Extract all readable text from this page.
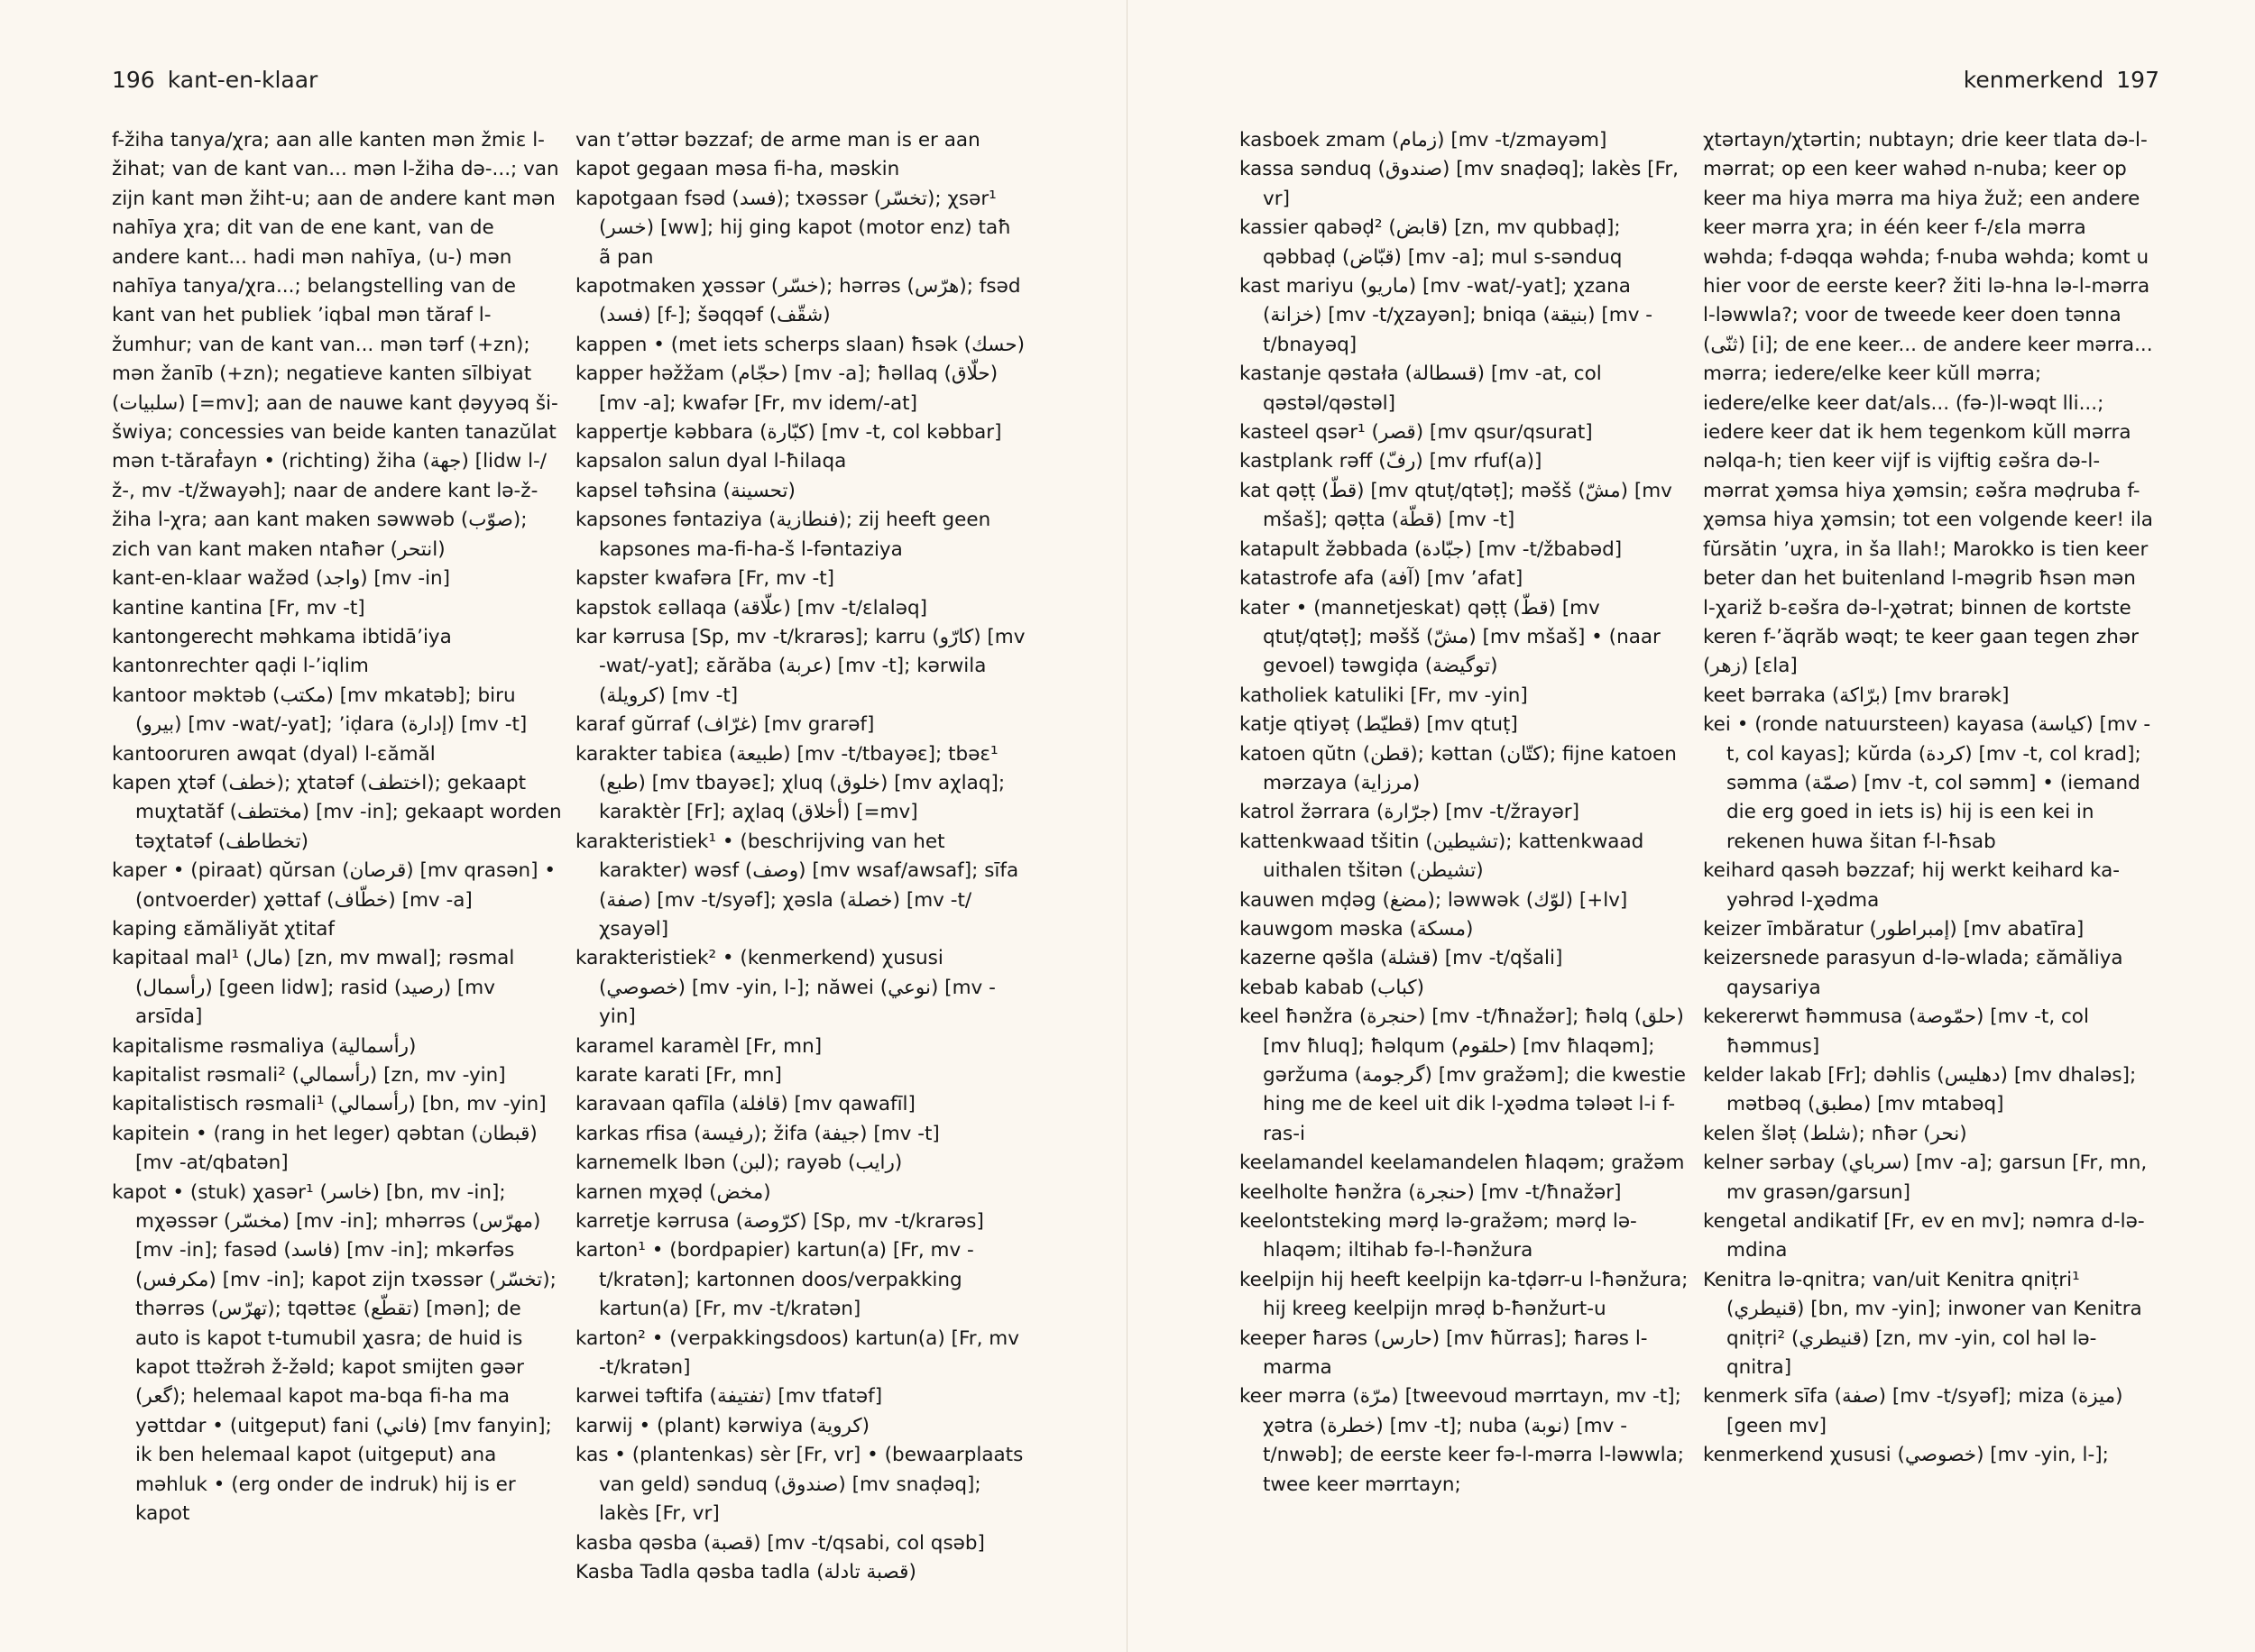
196 kant-en-klaar

f-žiha tanya/χra; aan alle kanten mən žmiɛ l-žihat; van de kant van... mən l-žiha də-...; van zijn kant mən žiht-u; aan de andere kant mən nahīya χra; dit van de ene kant, van de andere kant... hadi mən nahīya, (u-) mən nahīya tanya/χra...; belangstelling van de kant van het publiek ’iqbal mən tăraf l-žumhur; van de kant van... mən tərf (+zn); mən žanīb (+zn); negatieve kanten sīlbiyat (سلبيات) [=mv]; aan de nauwe kant ḍəyyəq ši-šwiya; concessies van beide kanten tanazŭlat mən t-tăraḟayn • (richting) žiha (جهة) [lidw l-/ž-, mv -t/žwayəh]; naar de andere kant lə-ž-žiha l-χra; aan kant maken səwwəb (صوّب); zich van kant maken ntaħər (انتحر)

kant-en-klaar wažəd (واجد) [mv -in]

kantine kantina [Fr, mv -t]

kantongerecht məhkama ibtidā’iya

kantonrechter qaḍi l-’iqlim

kantoor məktəb (مكتب) [mv mkatəb]; biru (بيرو) [mv -wat/-yat]; ’iḍara (إدارة) [mv -t]

kantooruren awqat (dyal) l-ɛămăl

kapen χtəf (خطف); χtatəf (اختطف); gekaapt muχtatăf (مختطف) [mv -in]; gekaapt worden təχtatəf (تخطاطف)

kaper • (piraat) qŭrsan (قرصان) [mv qrasən] • (ontvoerder) χəttaf (خطّاف) [mv -a]

kaping ɛămăliyăt χtitaf

kapitaal mal¹ (مال) [zn, mv mwal]; rəsmal (رأسمال) [geen lidw]; rasid (رصيد) [mv arsīda]

kapitalisme rəsmaliya (رأسمالية)

kapitalist rəsmali² (رأسمالي) [zn, mv -yin]

kapitalistisch rəsmali¹ (رأسمالي) [bn, mv -yin]

kapitein • (rang in het leger) qəbtan (قبطان) [mv -at/qbatən]

kapot • (stuk) χasər¹ (خاسر) [bn, mv -in]; mχəssər (مخسّر) [mv -in]; mhərrəs (مهرّس) [mv -in]; fasəd (فاسد) [mv -in]; mkərfəs (مكرفس) [mv -in]; kapot zijn txəssər (تخسّر); thərrəs (تهرّس); tqəttəɛ (تقطّع) [mən]; de auto is kapot t-tumubil χasra; de huid is kapot ttəžrəh ž-žəld; kapot smijten gəər (گعر); helemaal kapot ma-bqa fi-ha ma yəttdar • (uitgeput) fani (فاني) [mv fanyin]; ik ben helemaal kapot (uitgeput) ana məhluk • (erg onder de indruk) hij is er kapot

van t’əttər bəzzaf; de arme man is er aan kapot gegaan məsa fi-ha, məskin

kapotgaan fsəd (فسد); txəssər (تخسّر); χsər¹ (خسر) [ww]; hij ging kapot (motor enz) taħ ã pan

kapotmaken χəssər (خسّر); hərrəs (هرّس); fsəd (فسد) [f-]; šəqqəf (شقّف)

kappen • (met iets scherps slaan) ħsək (حسك)

kapper həžžam (حجّام) [mv -a]; ħəllaq (حلّاق) [mv -a]; kwafər [Fr, mv idem/-at]

kappertje kəbbara (كبّارة) [mv -t, col kəbbar]

kapsalon salun dyal l-ħilaqa

kapsel təħsina (تحسينة)

kapsones fəntaziya (فنطازية); zij heeft geen kapsones ma-fi-ha-š l-fəntaziya

kapster kwafəra [Fr, mv -t]

kapstok ɛəllaqa (علّاقة) [mv -t/ɛlaləq]

kar kərrusa [Sp, mv -t/krarəs]; karru (كارّو) [mv -wat/-yat]; ɛărăba (عربة) [mv -t]; kərwila (كرويلة) [mv -t]

karaf gŭrraf (غرّاف) [mv grarəf]

karakter tabiɛa (طبيعة) [mv -t/tbayəɛ]; tbəɛ¹ (طبع) [mv tbayəɛ]; χluq (خلوق) [mv aχlaq]; karaktèr [Fr]; aχlaq (أخلاق) [=mv]

karakteristiek¹ • (beschrijving van het karakter) wəsf (وصف) [mv wsaf/awsaf]; sīfa (صفة) [mv -t/syəf]; χəsla (خصلة) [mv -t/χsayəl]

karakteristiek² • (kenmerkend) χususi (خصوصي) [mv -yin, l-]; năwei (نوعي) [mv -yin]

karamel karamèl [Fr, mn]

karate karati [Fr, mn]

karavaan qafīla (قافلة) [mv qawafīl]

karkas rfisa (رفيسة); žifa (جيفة) [mv -t]

karnemelk lbən (لبن); rayəb (رايب)

karnen mχəḍ (مخض)

karretje kərrusa (كرّوصة) [Sp, mv -t/krarəs]

karton¹ • (bordpapier) kartun(a) [Fr, mv -t/kratən]; kartonnen doos/verpakking kartun(a) [Fr, mv -t/kratən]

karton² • (verpakkingsdoos) kartun(a) [Fr, mv -t/kratən]

karwei təftifa (تفتيفة) [mv tfatəf]

karwij • (plant) kərwiya (كروية)

kas • (plantenkas) sèr [Fr, vr] • (bewaarplaats van geld) sənduq (صندوق) [mv snaḍəq]; lakès [Fr, vr]

kasba qəsba (قصبة) [mv -t/qsabi, col qsəb]

Kasba Tadla qəsba tadla (قصبة تادلة)

kenmerkend 197

kasboek zmam (زمام) [mv -t/zmayəm]

kassa sənduq (صندوق) [mv snaḍəq]; lakès [Fr, vr]

kassier qabəḍ² (قابض) [zn, mv qubbaḍ]; qəbbaḍ (قبّاض) [mv -a]; mul s-sənduq

kast mariyu (ماريو) [mv -wat/-yat]; χzana (خزانة) [mv -t/χzayən]; bniqa (بنيقة) [mv -t/bnayəq]

kastanje qəstała (قسطالة) [mv -at, col qəstəl/qəstəl]

kasteel qsər¹ (قصر) [mv qsur/qsurat]

kastplank rəff (رفّ) [mv rfuf(a)]

kat qəṭṭ (قطّ) [mv qtuṭ/qtəṭ]; məšš (مشّ) [mv mšaš]; qəṭta (قطّة) [mv -t]

katapult žəbbada (جبّادة) [mv -t/žbabəd]

katastrofe afa (آفة) [mv ’afat]

kater • (mannetjeskat) qəṭṭ (قطّ) [mv qtuṭ/qtəṭ]; məšš (مشّ) [mv mšaš] • (naar gevoel) təwgiḍa (توگيضة)

katholiek katuliki [Fr, mv -yin]

katje qtiyəṭ (قطيّط) [mv qtuṭ]

katoen qŭtn (قطن); kəttan (كتّان); fijne katoen mərzaya (مرزاية)

katrol žərrara (جرّارة) [mv -t/žrayər]

kattenkwaad tšitin (تشيطين); kattenkwaad uithalen tšitən (تشيطن)

kauwen mḍəg (مضغ); ləwwək (لوّك) [+lv]

kauwgom məska (مسكة)

kazerne qəšla (قشلة) [mv -t/qšali]

kebab kabab (كباب)

keel ħənžra (حنجرة) [mv -t/ħnažər]; ħəlq (حلق) [mv ħluq]; ħəlqum (حلقوم) [mv ħlaqəm]; gəržuma (گرجومة) [mv gražəm]; die kwestie hing me de keel uit dik l-χədma tələət l-i f-ras-i

keelamandel keelamandelen ħlaqəm; gražəm

keelholte ħənžra (حنجرة) [mv -t/ħnažər]

keelontsteking mərḍ lə-gražəm; mərḍ lə-hlaqəm; iltihab fə-l-ħənžura

keelpijn hij heeft keelpijn ka-tḍərr-u l-ħənžura; hij kreeg keelpijn mrəḍ b-ħənžurt-u

keeper ħarəs (حارس) [mv ħŭrras]; ħarəs l-marma

keer mərra (مرّة) [tweevoud mərrtayn, mv -t]; χətra (خطرة) [mv -t]; nuba (نوبة) [mv -t/nwəb]; de eerste keer fə-l-mərra l-ləwwla; twee keer mərrtayn;

χtərtayn/χtərtin; nubtayn; drie keer tlata də-l-mərrat; op een keer wahəd n-nuba; keer op keer ma hiya mərra ma hiya žuž; een andere keer mərra χra; in één keer f-/ɛla mərra wəhda; f-dəqqa wəhda; f-nuba wəhda; komt u hier voor de eerste keer? žiti lə-hna lə-l-mərra l-ləwwla?; voor de tweede keer doen tənna (ثنّى) [i]; de ene keer... de andere keer mərra... mərra; iedere/elke keer kŭll mərra; iedere/elke keer dat/als... (fə-)l-wəqt lli...; iedere keer dat ik hem tegenkom kŭll mərra nəlqa-h; tien keer vijf is vijftig ɛəšra də-l-mərrat χəmsa hiya χəmsin; ɛəšra məḍruba f-χəmsa hiya χəmsin; tot een volgende keer! ila fŭrsătin ’uχra, in ša llah!; Marokko is tien keer beter dan het buitenland l-məgrib ħsən mən l-χariž b-ɛəšra də-l-χətrat; binnen de kortste keren f-’ăqrăb wəqt; te keer gaan tegen zhər (زهر) [ɛla]

keet bərraka (برّاكة) [mv brarək]

kei • (ronde natuursteen) kayasa (كياسة) [mv -t, col kayas]; kŭrda (كردة) [mv -t, col krad]; səmma (صمّة) [mv -t, col səmm] • (iemand die erg goed in iets is) hij is een kei in rekenen huwa šitan f-l-ħsab

keihard qasəh bəzzaf; hij werkt keihard ka-yəhrəd l-χədma

keizer īmbăratur (إمبراطور) [mv abatīra]

keizersnede parasyun d-lə-wlada; ɛămăliya qaysariya

kekererwt ħəmmusa (حمّوصة) [mv -t, col ħəmmus]

kelder lakab [Fr]; dəhlis (دهليس) [mv dhaləs]; mətbəq (مطبق) [mv mtabəq]

kelen šləṭ (شلط); nħər (نحر)

kelner sərbay (سرباي) [mv -a]; garsun [Fr, mn, mv grasən/garsun]

kengetal andikatif [Fr, ev en mv]; nəmra d-lə-mdina

Kenitra lə-qnitra; van/uit Kenitra qniṭri¹ (قنيطري) [bn, mv -yin]; inwoner van Kenitra qniṭri² (قنيطري) [zn, mv -yin, col həl lə-qnitra]

kenmerk sīfa (صفة) [mv -t/syəf]; miza (ميزة) [geen mv]

kenmerkend χususi (خصوصي) [mv -yin, l-];
